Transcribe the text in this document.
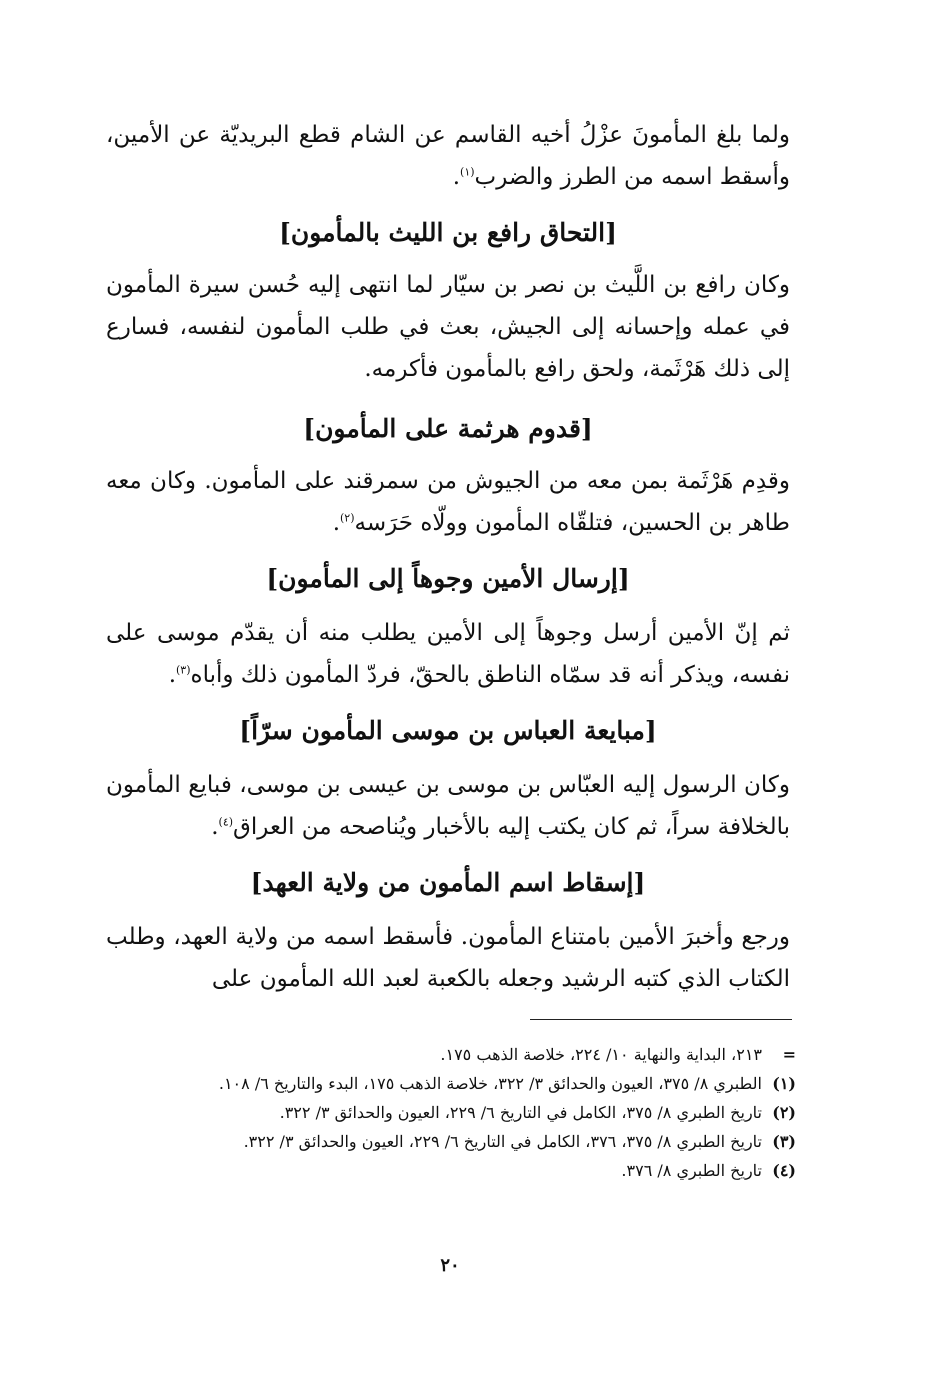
ولما بلغ المأمونَ عزْلُ أخيه القاسم عن الشام قطع البريديّة عن الأمين، وأسقط اسمه من الطرز والضرب$^{(١)}$.
[التحاق رافع بن الليث بالمأمون]
وكان رافع بن اللَّيث بن نصر بن سيّار لما انتهى إليه حُسن سيرة المأمون في عمله وإحسانه إلى الجيش، بعث في طلب المأمون لنفسه، فسارع إلى ذلك هَرْثَمة، ولحق رافع بالمأمون فأكرمه.
[قدوم هرثمة على المأمون]
وقدِم هَرْثَمة بمن معه من الجيوش من سمرقند على المأمون. وكان معه طاهر بن الحسين، فتلقّاه المأمون وولّاه حَرَسه$^{(٢)}$.
[إرسال الأمين وجوهاً إلى المأمون]
ثم إنّ الأمين أرسل وجوهاً إلى الأمين يطلب منه أن يقدّم موسى على نفسه، ويذكر أنه قد سمّاه الناطق بالحقّ، فردّ المأمون ذلك وأباه$^{(٣)}$.
[مبايعة العباس بن موسى المأمون سرّاً]
وكان الرسول إليه العبّاس بن موسى بن عيسى بن موسى، فبايع المأمون بالخلافة سراً، ثم كان يكتب إليه بالأخبار ويُناصحه من العراق$^{(٤)}$.
[إسقاط اسم المأمون من ولاية العهد]
ورجع وأخبرَ الأمين بامتناع المأمون. فأسقط اسمه من ولاية العهد، وطلب الكتاب الذي كتبه الرشيد وجعله بالكعبة لعبد الله المأمون على
=
٢١٣، البداية والنهاية ١٠/ ٢٢٤، خلاصة الذهب ١٧٥.
(١)
الطبري ٨/ ٣٧٥، العيون والحدائق ٣/ ٣٢٢، خلاصة الذهب ١٧٥، البدء والتاريخ ٦/ ١٠٨.
(٢)
تاريخ الطبري ٨/ ٣٧٥، الكامل في التاريخ ٦/ ٢٢٩، العيون والحدائق ٣/ ٣٢٢.
(٣)
تاريخ الطبري ٨/ ٣٧٥، ٣٧٦، الكامل في التاريخ ٦/ ٢٢٩، العيون والحدائق ٣/ ٣٢٢.
(٤)
تاريخ الطبري ٨/ ٣٧٦.
٢٠
